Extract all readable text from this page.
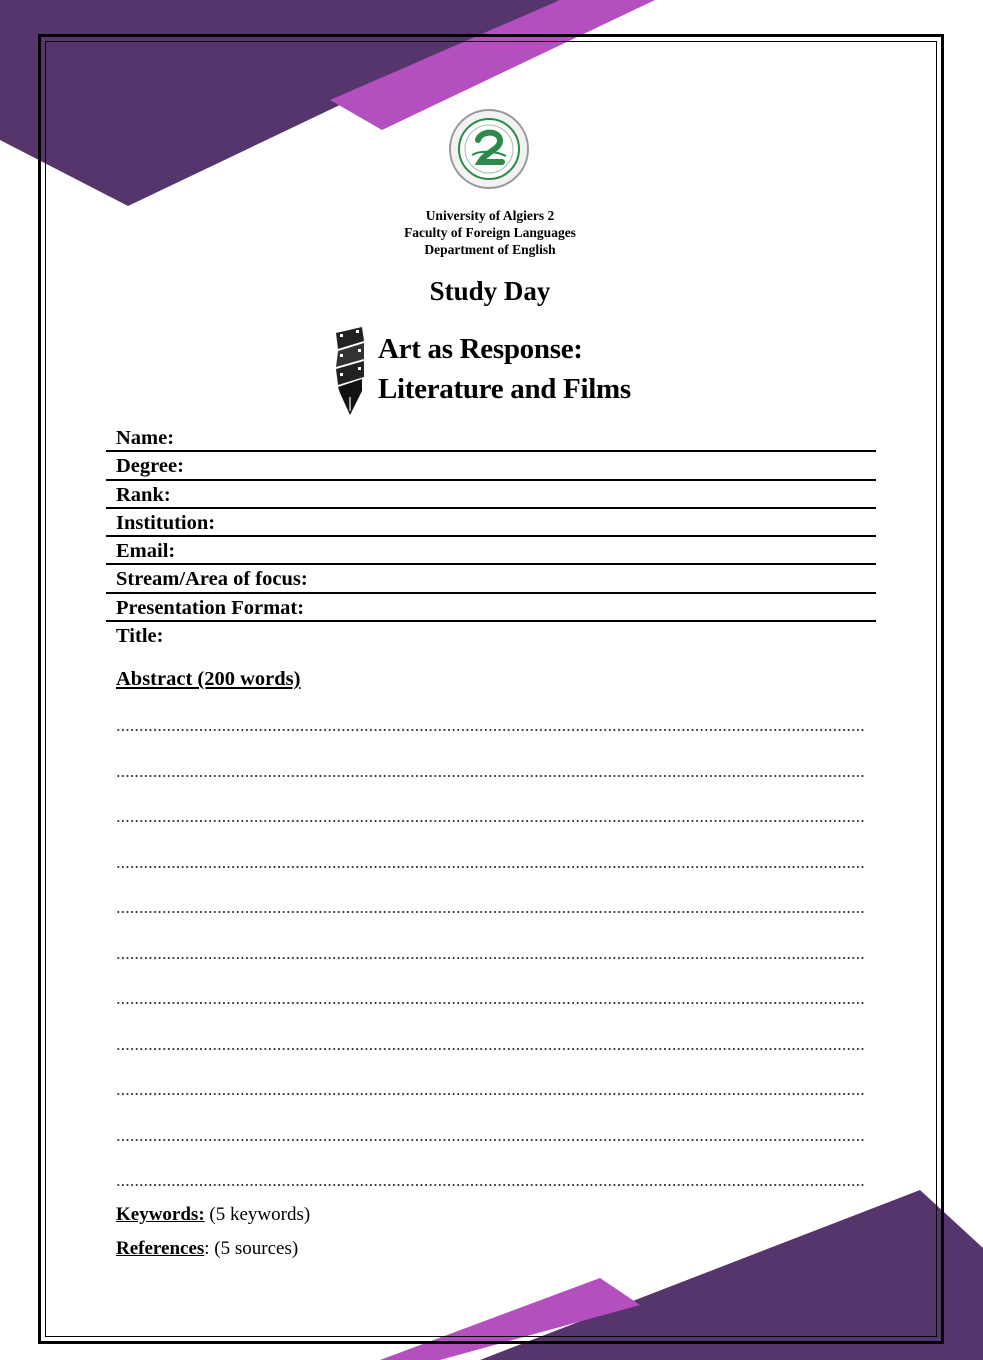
University of Algiers 2
Faculty of Foreign Languages
Department of English
Study Day
Art as Response:
Literature and Films
Name:
Degree:
Rank:
Institution:
Email:
Stream/Area of focus:
Presentation Format:
Title:
Abstract (200 words)
Keywords: (5 keywords)
References: (5 sources)
